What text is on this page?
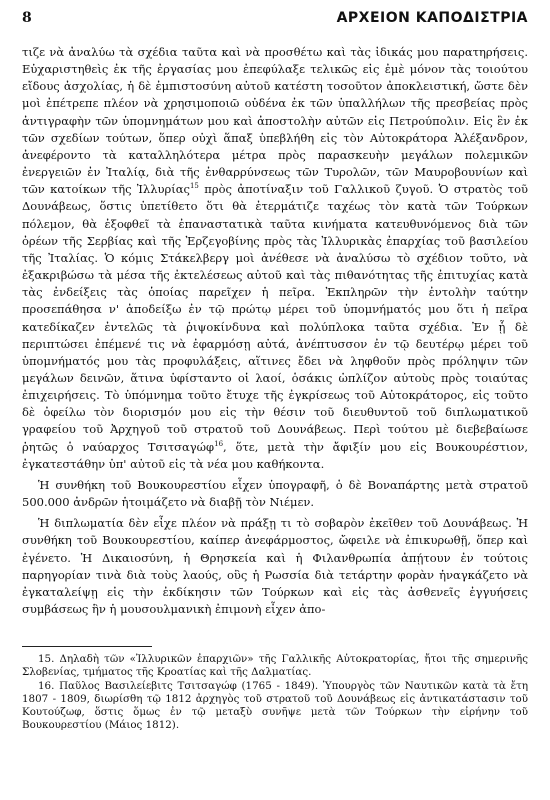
8	ΑΡΧΕΙΟΝ ΚΑΠΟΔΙΣΤΡΙΑ

τιζε νὰ ἀναλύω τὰ σχέδια ταῦτα καὶ νὰ προσθέτω καὶ τὰς ἰδικάς μου παρατηρήσεις. Εὐχαριστηθεὶς ἐκ τῆς ἐργασίας μου ἐπεφύλαξε τελικῶς εἰς ἐμὲ μόνον τὰς τοιούτου εἴδους ἀσχολίας, ἡ δὲ ἐμπιστοσύνη αὐτοῦ κατέστη τοσοῦτον ἀποκλειστική, ὥστε δὲν μοὶ ἐπέτρεπε πλέον νὰ χρησιμοποιῶ οὐδένα ἐκ τῶν ὑπαλλήλων τῆς πρεσβείας πρὸς ἀντιγραφὴν τῶν ὑπομνημάτων μου καὶ ἀποστολὴν αὐτῶν εἰς Πετρούπολιν. Εἰς ἓν ἐκ τῶν σχεδίων τούτων, ὅπερ οὐχὶ ἅπαξ ὑπεβλήθη εἰς τὸν Αὐτοκράτορα Ἀλέξανδρον, ἀνεφέροντο τὰ καταλληλότερα μέτρα πρὸς παρασκευὴν μεγάλων πολεμικῶν ἐνεργειῶν ἐν Ἰταλίᾳ, διὰ τῆς ἐνθαρρύνσεως τῶν Τυρολῶν, τῶν Μαυροβουνίων καὶ τῶν κατοίκων τῆς Ἰλλυρίας$^{15}$ πρὸς ἀποτίναξιν τοῦ Γαλλικοῦ ζυγοῦ. Ὁ στρατὸς τοῦ Δουνάβεως, ὅστις ὑπετίθετο ὅτι θὰ ἐτερμάτιζε ταχέως τὸν κατὰ τῶν Τούρκων πόλεμον, θὰ ἐξοφθεῖ τὰ ἐπαναστατικὰ ταῦτα κινήματα κατευθυνόμενος διὰ τῶν ὀρέων τῆς Σερβίας καὶ τῆς Ἐρζεγοβίνης πρὸς τὰς Ἰλλυρικὰς ἐπαρχίας τοῦ βασιλείου τῆς Ἰταλίας. Ὁ κόμις Στάκελβεργ μοὶ ἀνέθεσε νὰ ἀναλύσω τὸ σχέδιον τοῦτο, νὰ ἐξακριβώσω τὰ μέσα τῆς ἐκτελέσεως αὐτοῦ καὶ τὰς πιθανότητας τῆς ἐπιτυχίας κατὰ τὰς ἐνδείξεις τὰς ὁποίας παρεῖχεν ἡ πεῖρα. Ἐκπληρῶν τὴν ἐντολὴν ταύτην προσεπάθησα ν' ἀποδείξω ἐν τῷ πρώτῳ μέρει τοῦ ὑπομνήματός μου ὅτι ἡ πεῖρα κατεδίκαζεν ἐντελῶς τὰ ῥιψοκίνδυνα καὶ πολύπλοκα ταῦτα σχέδια. Ἐν ᾗ δὲ περιπτώσει ἐπέμενέ τις νὰ ἐφαρμόσῃ αὐτά, ἀνέπτυσσον ἐν τῷ δευτέρῳ μέρει τοῦ ὑπομνήματός μου τὰς προφυλάξεις, αἵτινες ἔδει νὰ ληφθοῦν πρὸς πρόληψιν τῶν μεγάλων δεινῶν, ἅτινα ὑφίσταντο οἱ λαοί, ὁσάκις ὡπλίζον αὐτοὺς πρὸς τοιαύτας ἐπιχειρήσεις. Τὸ ὑπόμνημα τοῦτο ἔτυχε τῆς ἐγκρίσεως τοῦ Αὐτοκράτορος, εἰς τοῦτο δὲ ὀφείλω τὸν διορισμόν μου εἰς τὴν θέσιν τοῦ διευθυντοῦ τοῦ διπλωματικοῦ γραφείου τοῦ Ἀρχηγοῦ τοῦ στρατοῦ τοῦ Δουνάβεως. Περὶ τούτου μὲ διεβεβαίωσε ῥητῶς ὁ ναύαρχος Τσιτσαγώφ$^{16}$, ὅτε, μετὰ τὴν ἄφιξίν μου εἰς Βουκουρέστιον, ἐγκατεστάθην ὑπ' αὐτοῦ εἰς τὰ νέα μου καθήκοντα.

Ἡ συνθήκη τοῦ Βουκουρεστίου εἶχεν ὑπογραφῆ, ὁ δὲ Βοναπάρτης μετὰ στρατοῦ 500.000 ἀνδρῶν ἡτοιμάζετο νὰ διαβῇ τὸν Νιέμεν.

Ἡ διπλωματία δὲν εἶχε πλέον νὰ πράξῃ τι τὸ σοβαρὸν ἐκεῖθεν τοῦ Δουνάβεως. Ἡ συνθήκη τοῦ Βουκουρεστίου, καίπερ ἀνεφάρμοστος, ὤφειλε νὰ ἐπικυρωθῇ, ὅπερ καὶ ἐγένετο. Ἡ Δικαιοσύνη, ἡ Θρησκεία καὶ ἡ Φιλανθρωπία ἀπῄτουν ἐν τούτοις παρηγορίαν τινὰ διὰ τοὺς λαούς, οὓς ἡ Ρωσσία διὰ τετάρτην φορὰν ἠναγκάζετο νὰ ἐγκαταλείψῃ εἰς τὴν ἐκδίκησιν τῶν Τούρκων καὶ εἰς τὰς ἀσθενεῖς ἐγγυήσεις συμβάσεως ἣν ἡ μουσουλμανικὴ ἐπιμονὴ εἶχεν ἀπο-

15. Δηλαδὴ τῶν «Ἰλλυρικῶν ἐπαρχιῶν» τῆς Γαλλικῆς Αὐτοκρατορίας, ἤτοι τῆς σημερινῆς Σλοβενίας, τμήματος τῆς Κροατίας καὶ τῆς Δαλματίας.

16. Παῦλος Βασιλείεβιτς Τσιτσαγώφ (1765 - 1849). Ὑπουργὸς τῶν Ναυτικῶν κατὰ τὰ ἔτη 1807 - 1809, διωρίσθη τῷ 1812 ἀρχηγὸς τοῦ στρατοῦ τοῦ Δουνάβεως εἰς ἀντικατάστασιν τοῦ Κουτούζωφ, ὅστις ὅμως ἐν τῷ μεταξὺ συνῆψε μετὰ τῶν Τούρκων τὴν εἰρήνην τοῦ Βουκουρεστίου (Μάιος 1812).
